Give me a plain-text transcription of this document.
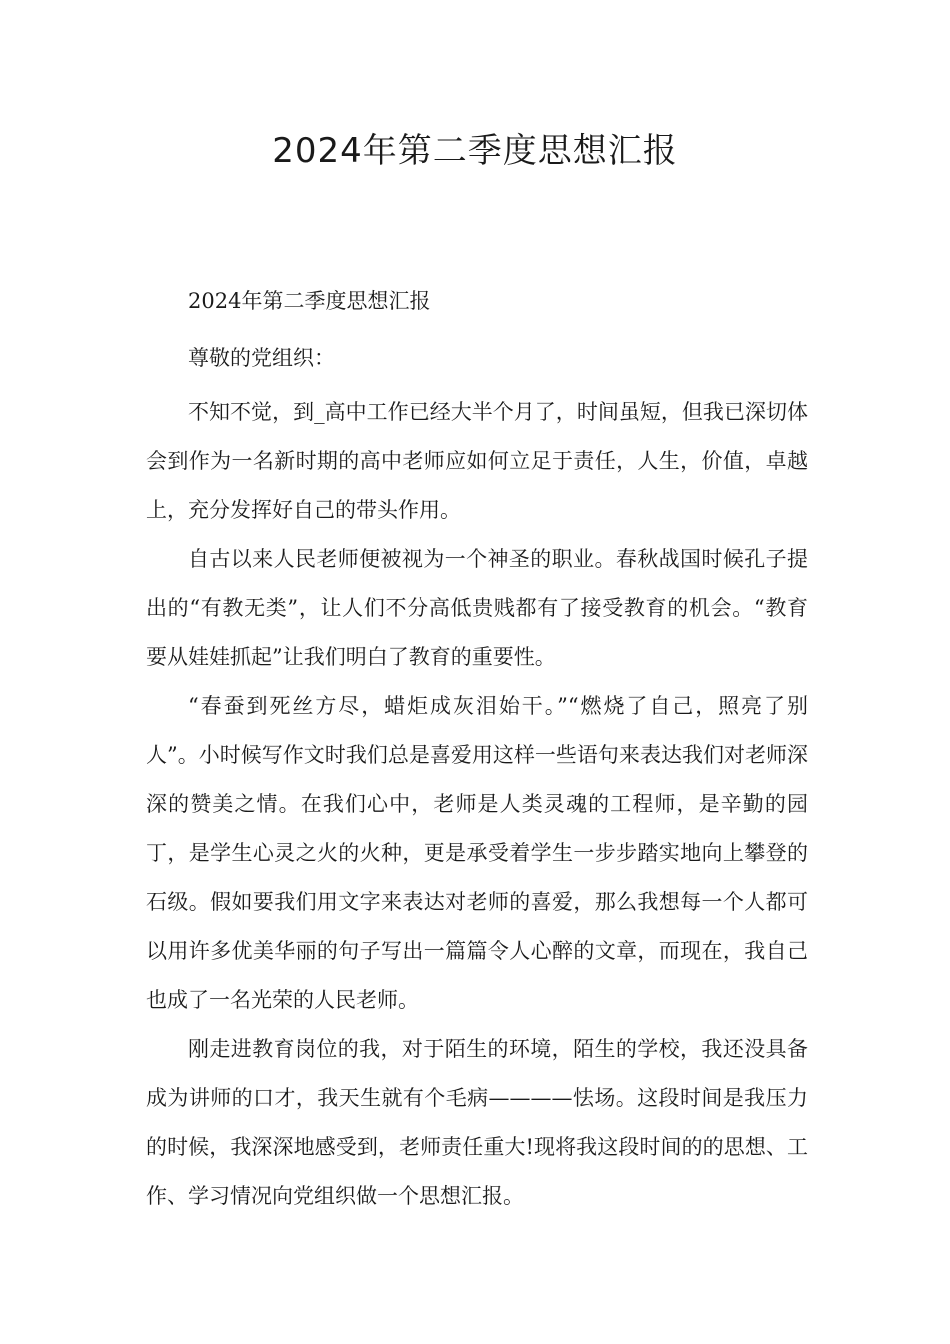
2024年第二季度思想汇报

2024年第二季度思想汇报

尊敬的党组织：

不知不觉，到_高中工作已经大半个月了，时间虽短，但我已深切体会到作为一名新时期的高中老师应如何立足于责任，人生，价值，卓越上，充分发挥好自己的带头作用。

自古以来人民老师便被视为一个神圣的职业。春秋战国时候孔子提出的“有教无类”，让人们不分高低贵贱都有了接受教育的机会。“教育要从娃娃抓起”让我们明白了教育的重要性。

“春蚕到死丝方尽，蜡炬成灰泪始干。”“燃烧了自己，照亮了别人”。小时候写作文时我们总是喜爱用这样一些语句来表达我们对老师深深的赞美之情。在我们心中，老师是人类灵魂的工程师，是辛勤的园丁，是学生心灵之火的火种，更是承受着学生一步步踏实地向上攀登的石级。假如要我们用文字来表达对老师的喜爱，那么我想每一个人都可以用许多优美华丽的句子写出一篇篇令人心醉的文章，而现在，我自己也成了一名光荣的人民老师。

刚走进教育岗位的我，对于陌生的环境，陌生的学校，我还没具备成为讲师的口才，我天生就有个毛病————怯场。这段时间是我压力的时候，我深深地感受到，老师责任重大!现将我这段时间的的思想、工作、学习情况向党组织做一个思想汇报。
